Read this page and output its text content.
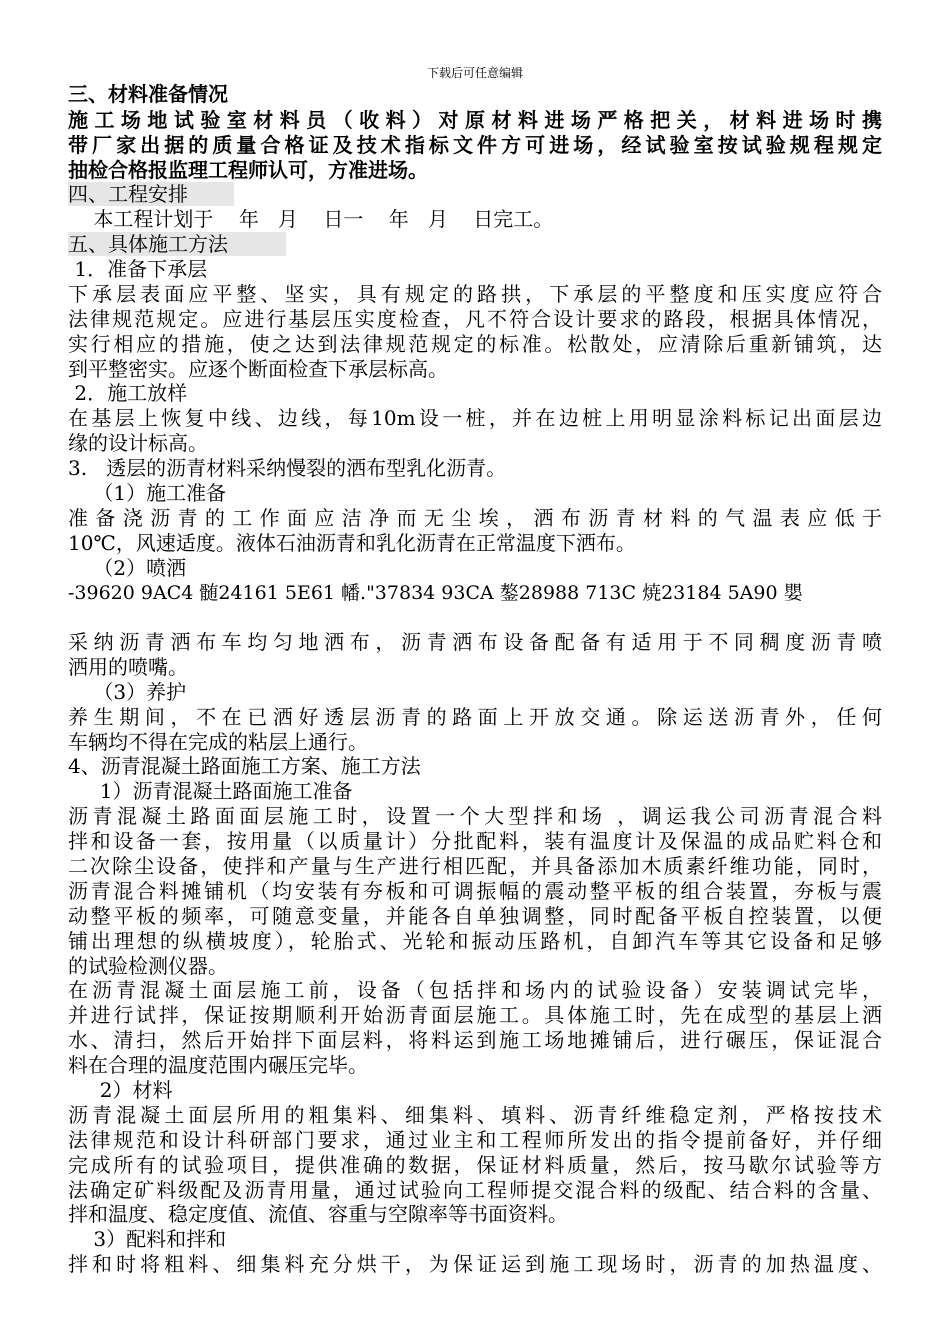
下载后可任意编辑
三、材料准备情况
施工场地试验室材料员（收料）对原材料进场严格把关，材料进场时携
带厂家出据的质量合格证及技术指标文件方可进场，经试验室按试验规程规定
抽检合格报监理工程师认可，方准进场。
四、工程安排
本工程计划于    年   月    日一    年   月    日完工。
五、具体施工方法
1．准备下承层
下承层表面应平整、坚实，具有规定的路拱，下承层的平整度和压实度应符合
法律规范规定。应进行基层压实度检查，凡不符合设计要求的路段，根据具体情况，
实行相应的措施，使之达到法律规范规定的标准。松散处，应清除后重新铺筑，达
到平整密实。应逐个断面检查下承层标高。
2．施工放样
在基层上恢复中线、边线，每10m设一桩，并在边桩上用明显涂料标记出面层边
缘的设计标高。
3.   透层的沥青材料采纳慢裂的洒布型乳化沥青。
（1）施工准备
准备浇沥青的工作面应洁净而无尘埃，洒布沥青材料的气温表应低于
10℃，风速适度。液体石油沥青和乳化沥青在正常温度下洒布。
（2）喷洒
-39620 9AC4 髄24161 5E61 幡."37834 93CA 鏊28988 713C 焼23184 5A90 嬰
采纳沥青洒布车均匀地洒布，沥青洒布设备配备有适用于不同稠度沥青喷
洒用的喷嘴。
（3）养护
养生期间，不在已洒好透层沥青的路面上开放交通。除运送沥青外，任何
车辆均不得在完成的粘层上通行。
4、沥青混凝土路面施工方案、施工方法
1）沥青混凝土路面施工准备
沥青混凝土路面面层施工时，设置一个大型拌和场 ，调运我公司沥青混合料
拌和设备一套，按用量（以质量计）分批配料，装有温度计及保温的成品贮料仓和
二次除尘设备，使拌和产量与生产进行相匹配，并具备添加木质素纤维功能，同时，
沥青混合料摊铺机（均安装有夯板和可调振幅的震动整平板的组合装置，夯板与震
动整平板的频率，可随意变量，并能各自单独调整，同时配备平板自控装置，以便
铺出理想的纵横坡度），轮胎式、光轮和振动压路机，自卸汽车等其它设备和足够
的试验检测仪器。
在沥青混凝土面层施工前，设备（包括拌和场内的试验设备）安装调试完毕，
并进行试拌，保证按期顺利开始沥青面层施工。具体施工时，先在成型的基层上洒
水、清扫，然后开始拌下面层料，将料运到施工场地摊铺后，进行碾压，保证混合
料在合理的温度范围内碾压完毕。
2）材料
沥青混凝土面层所用的粗集料、细集料、填料、沥青纤维稳定剂，严格按技术
法律规范和设计科研部门要求，通过业主和工程师所发出的指令提前备好，并仔细
完成所有的试验项目，提供准确的数据，保证材料质量，然后，按马歇尔试验等方
法确定矿料级配及沥青用量，通过试验向工程师提交混合料的级配、结合料的含量、
拌和温度、稳定度值、流值、容重与空隙率等书面资料。
3）配料和拌和
拌和时将粗料、细集料充分烘干，为保证运到施工现场时，沥青的加热温度、
